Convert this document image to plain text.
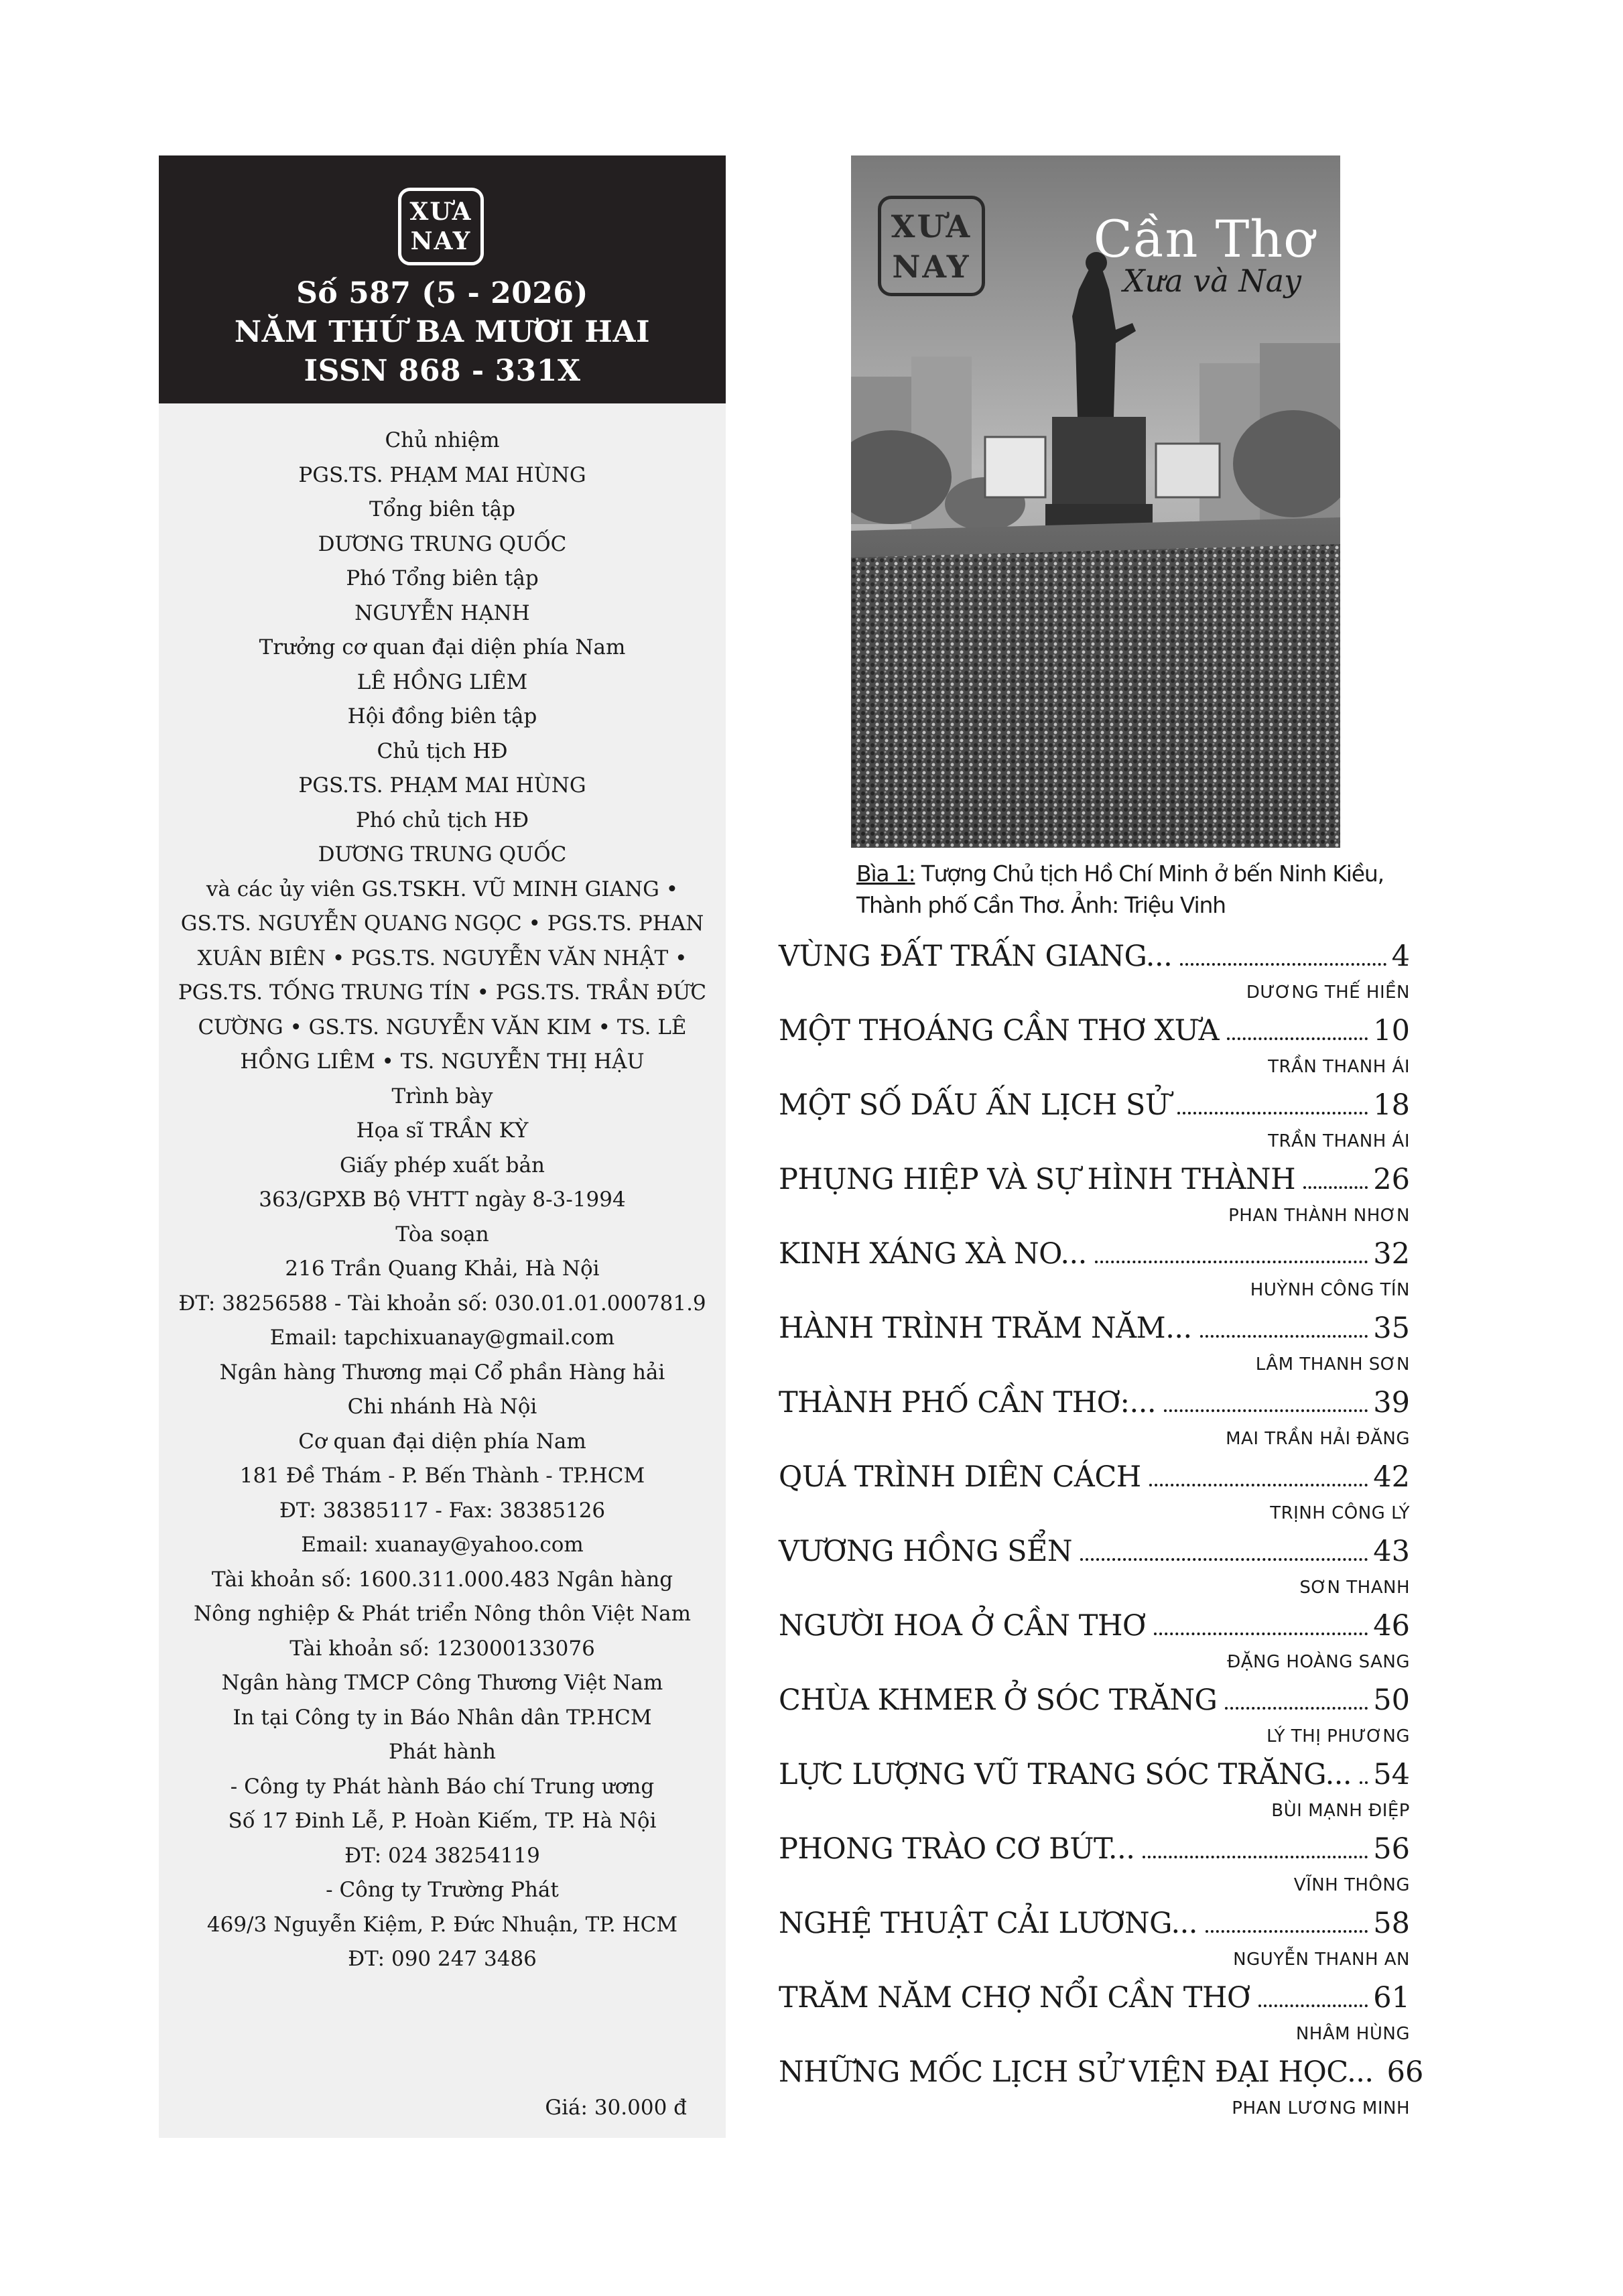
XƯA
NAY
Số 587 (5 - 2026)
NĂM THỨ BA MƯƠI HAI
ISSN 868 - 331X
Chủ nhiệm
PGS.TS. PHẠM MAI HÙNG
Tổng biên tập
DƯƠNG TRUNG QUỐC
Phó Tổng biên tập
NGUYỄN HẠNH
Trưởng cơ quan đại diện phía Nam
LÊ HỒNG LIÊM
Hội đồng biên tập
Chủ tịch HĐ
PGS.TS. PHẠM MAI HÙNG
Phó chủ tịch HĐ
DƯƠNG TRUNG QUỐC
và các ủy viên GS.TSKH. VŨ MINH GIANG •
GS.TS. NGUYỄN QUANG NGỌC • PGS.TS. PHAN
XUÂN BIÊN • PGS.TS. NGUYỄN VĂN NHẬT •
PGS.TS. TỐNG TRUNG TÍN • PGS.TS. TRẦN ĐỨC
CƯỜNG • GS.TS. NGUYỄN VĂN KIM • TS. LÊ
HỒNG LIÊM • TS. NGUYỄN THỊ HẬU
Trình bày
Họa sĩ TRẦN KỲ
Giấy phép xuất bản
363/GPXB Bộ VHTT ngày 8-3-1994
Tòa soạn
216 Trần Quang Khải, Hà Nội
ĐT: 38256588 - Tài khoản số: 030.01.01.000781.9
Email: tapchixuanay@gmail.com
Ngân hàng Thương mại Cổ phần Hàng hải
Chi nhánh Hà Nội
Cơ quan đại diện phía Nam
181 Đề Thám - P. Bến Thành - TP.HCM
ĐT: 38385117 - Fax: 38385126
Email: xuanay@yahoo.com
Tài khoản số: 1600.311.000.483 Ngân hàng
Nông nghiệp & Phát triển Nông thôn Việt Nam
Tài khoản số: 123000133076
Ngân hàng TMCP Công Thương Việt Nam
In tại Công ty in Báo Nhân dân TP.HCM
Phát hành
- Công ty Phát hành Báo chí Trung ương
Số 17 Đinh Lễ, P. Hoàn Kiếm, TP. Hà Nội
ĐT: 024 38254119
- Công ty Trường Phát
469/3 Nguyễn Kiệm, P. Đức Nhuận, TP. HCM
ĐT: 090 247 3486
Giá: 30.000 đ
XƯA
NAY Cần Thơ
Xưa và Nay
Bìa 1: Tượng Chủ tịch Hồ Chí Minh ở bến Ninh Kiều,
Thành phố Cần Thơ. Ảnh: Triệu Vinh
VÙNG ĐẤT TRẤN GIANG...	4
DƯƠNG THẾ HIỀN
MỘT THOÁNG CẦN THƠ XƯA	10
TRẦN THANH ÁI
MỘT SỐ DẤU ẤN LỊCH SỬ	18
TRẦN THANH ÁI
PHỤNG HIỆP VÀ SỰ HÌNH THÀNH	26
PHAN THÀNH NHƠN
KINH XÁNG XÀ NO...	32
HUỲNH CÔNG TÍN
HÀNH TRÌNH TRĂM NĂM...	35
LÂM THANH SƠN
THÀNH PHỐ CẦN THƠ:...	39
MAI TRẦN HẢI ĐĂNG
QUÁ TRÌNH DIÊN CÁCH	42
TRỊNH CÔNG LÝ
VƯƠNG HỒNG SỂN	43
SƠN THANH
NGƯỜI HOA Ở CẦN THƠ	46
ĐẶNG HOÀNG SANG
CHÙA KHMER Ở SÓC TRĂNG	50
LÝ THỊ PHƯƠNG
LỰC LƯỢNG VŨ TRANG SÓC TRĂNG... 54
BÙI MẠNH ĐIỆP
PHONG TRÀO CƠ BÚT...	56
VĨNH THÔNG
NGHỆ THUẬT CẢI LƯƠNG...	58
NGUYỄN THANH AN
TRĂM NĂM CHỢ NỔI CẦN THƠ	61
NHÂM HÙNG
NHỮNG MỐC LỊCH SỬ VIỆN ĐẠI HỌC... 66
PHAN LƯƠNG MINH
